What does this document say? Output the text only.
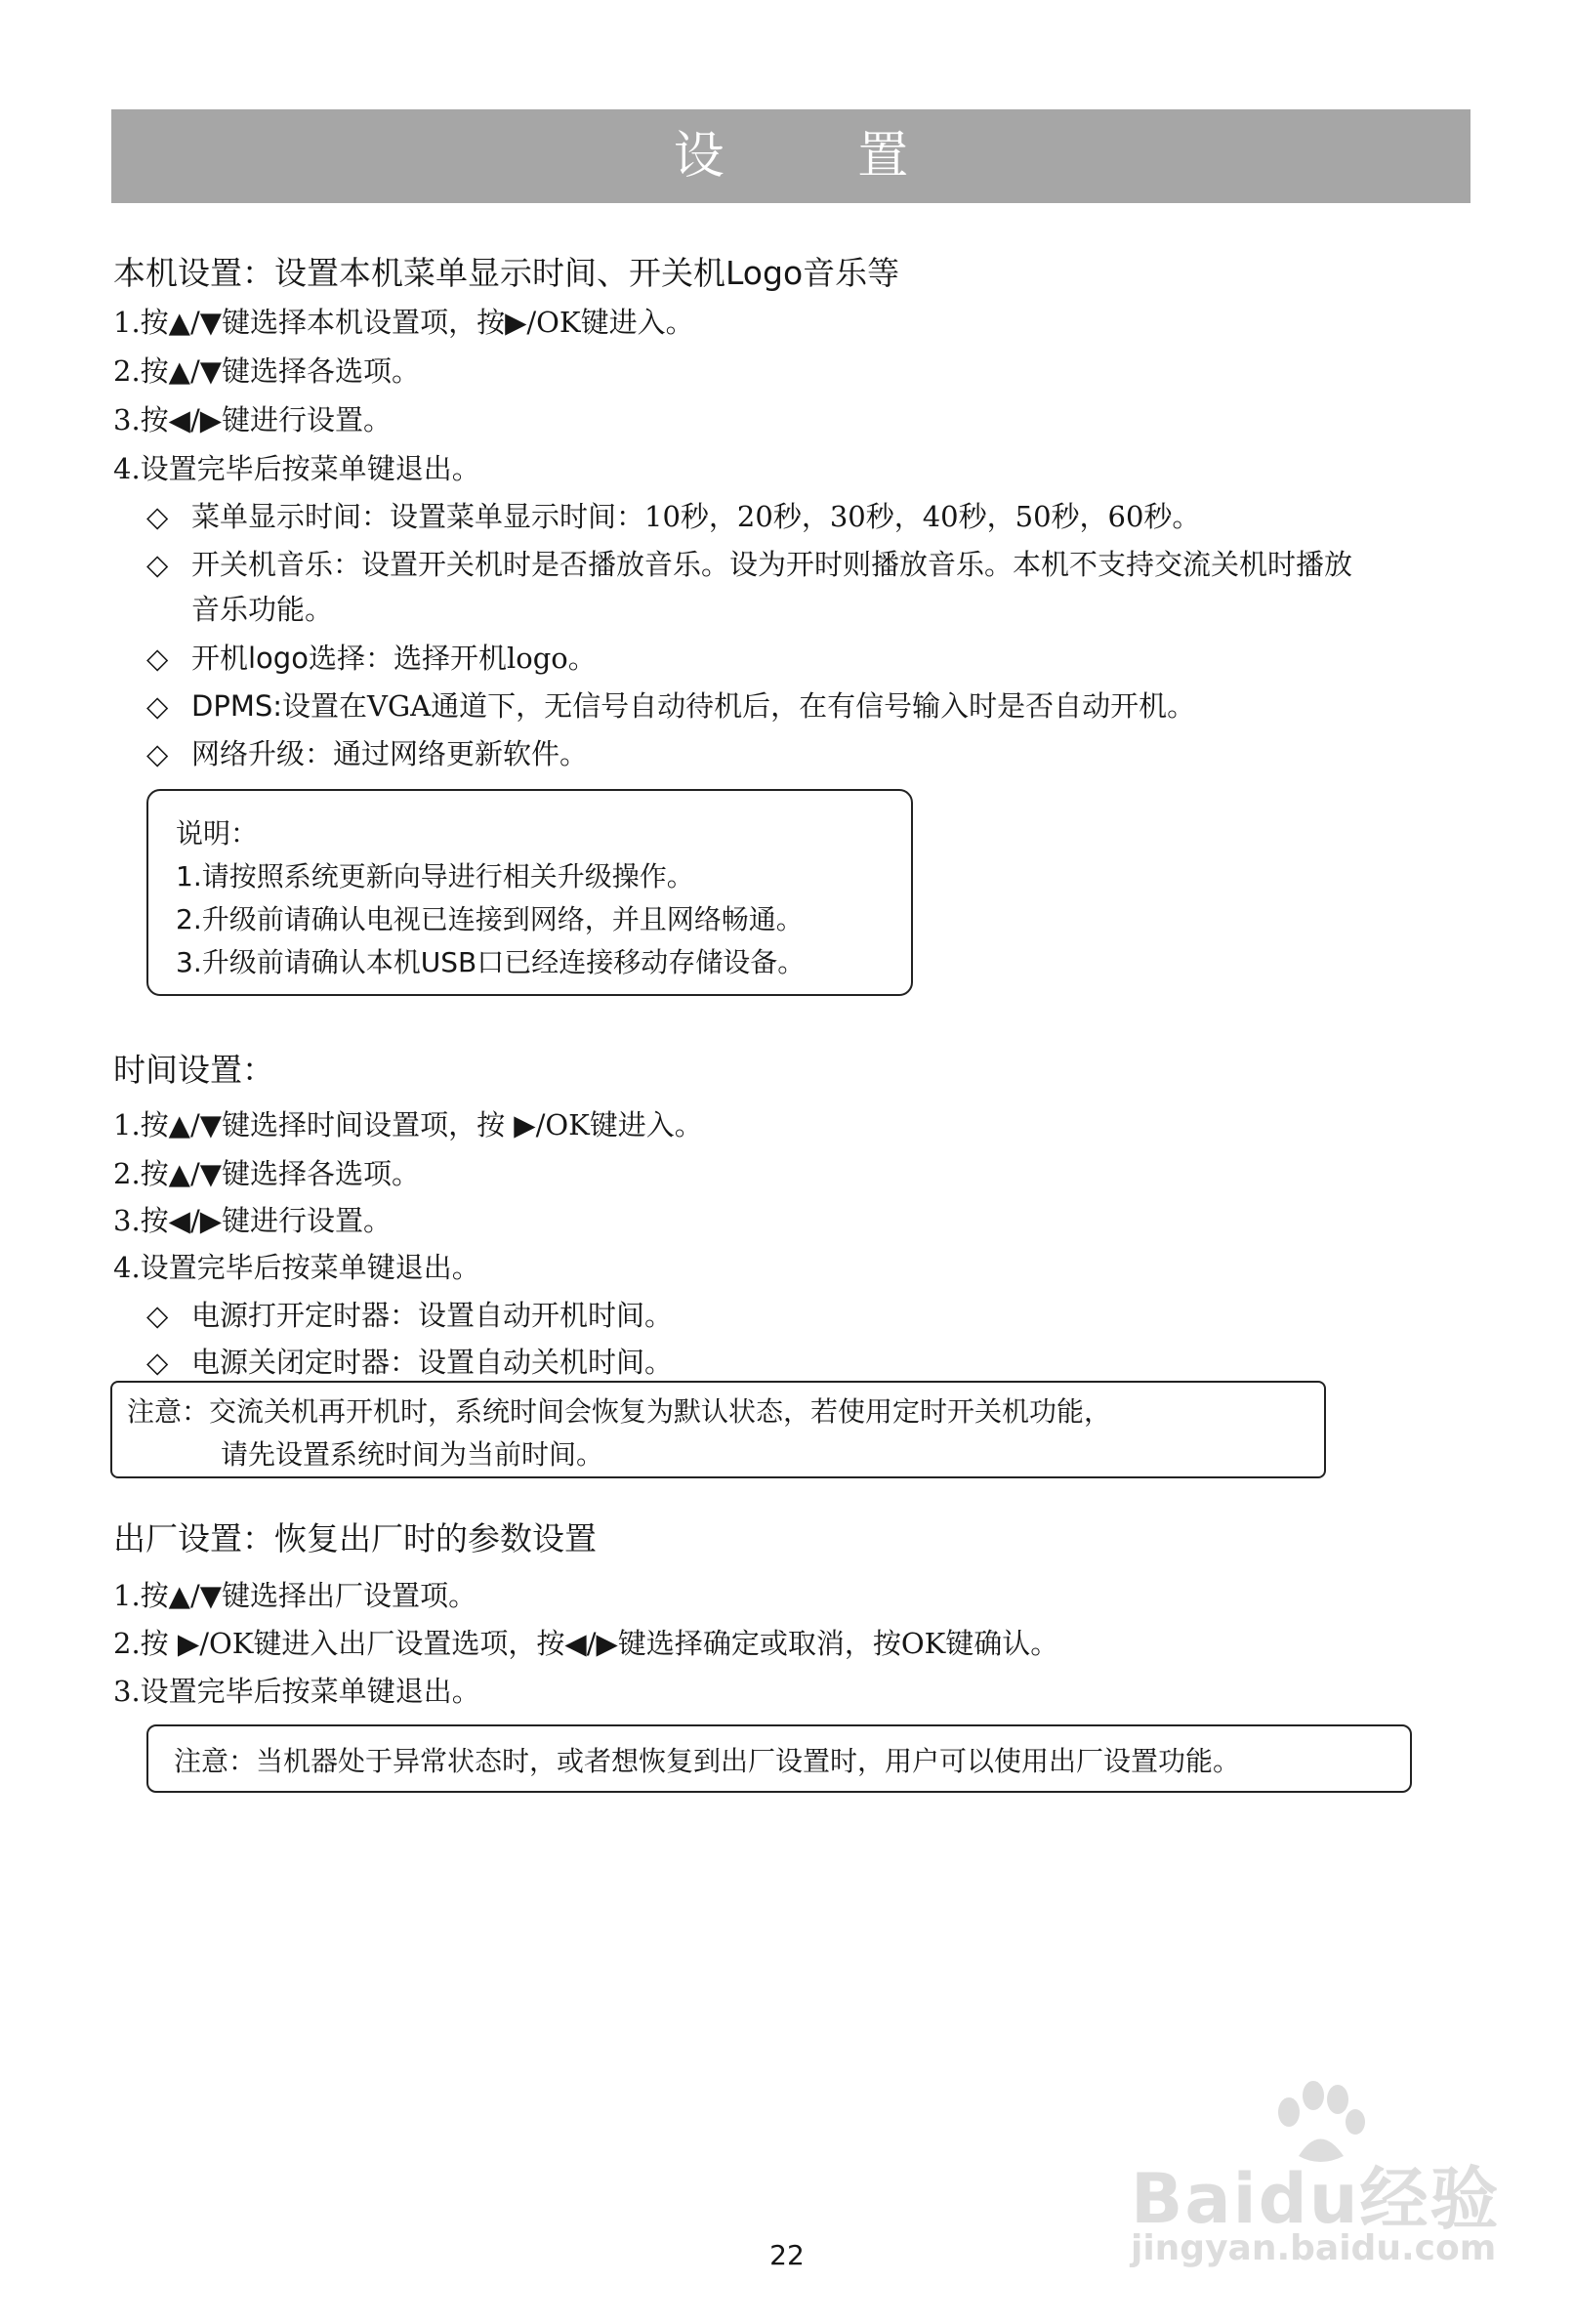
设 置
本机设置：设置本机菜单显示时间、开关机Logo音乐等
1.按▲/▼键选择本机设置项，按▶/OK键进入。
2.按▲/▼键选择各选项。
3.按◀/▶键进行设置。
4.设置完毕后按菜单键退出。
◇ 菜单显示时间：设置菜单显示时间：10秒，20秒，30秒，40秒，50秒，60秒。
◇ 开关机音乐：设置开关机时是否播放音乐。设为开时则播放音乐。本机不支持交流关机时播放
音乐功能。
◇ 开机logo选择：选择开机logo。
◇ DPMS:设置在VGA通道下，无信号自动待机后，在有信号输入时是否自动开机。
◇ 网络升级：通过网络更新软件。
说明：
1.请按照系统更新向导进行相关升级操作。
2.升级前请确认电视已连接到网络，并且网络畅通。
3.升级前请确认本机USB口已经连接移动存储设备。
时间设置：
1.按▲/▼键选择时间设置项，按 ▶/OK键进入。
2.按▲/▼键选择各选项。
3.按◀/▶键进行设置。
4.设置完毕后按菜单键退出。
◇ 电源打开定时器：设置自动开机时间。
◇ 电源关闭定时器：设置自动关机时间。
注意：交流关机再开机时，系统时间会恢复为默认状态，若使用定时开关机功能，
请先设置系统时间为当前时间。
出厂设置：恢复出厂时的参数设置
1.按▲/▼键选择出厂设置项。
2.按 ▶/OK键进入出厂设置选项，按◀/▶键选择确定或取消，按OK键确认。
3.设置完毕后按菜单键退出。
注意：当机器处于异常状态时，或者想恢复到出厂设置时，用户可以使用出厂设置功能。
22
Baidu经验
jingyan.baidu.com
